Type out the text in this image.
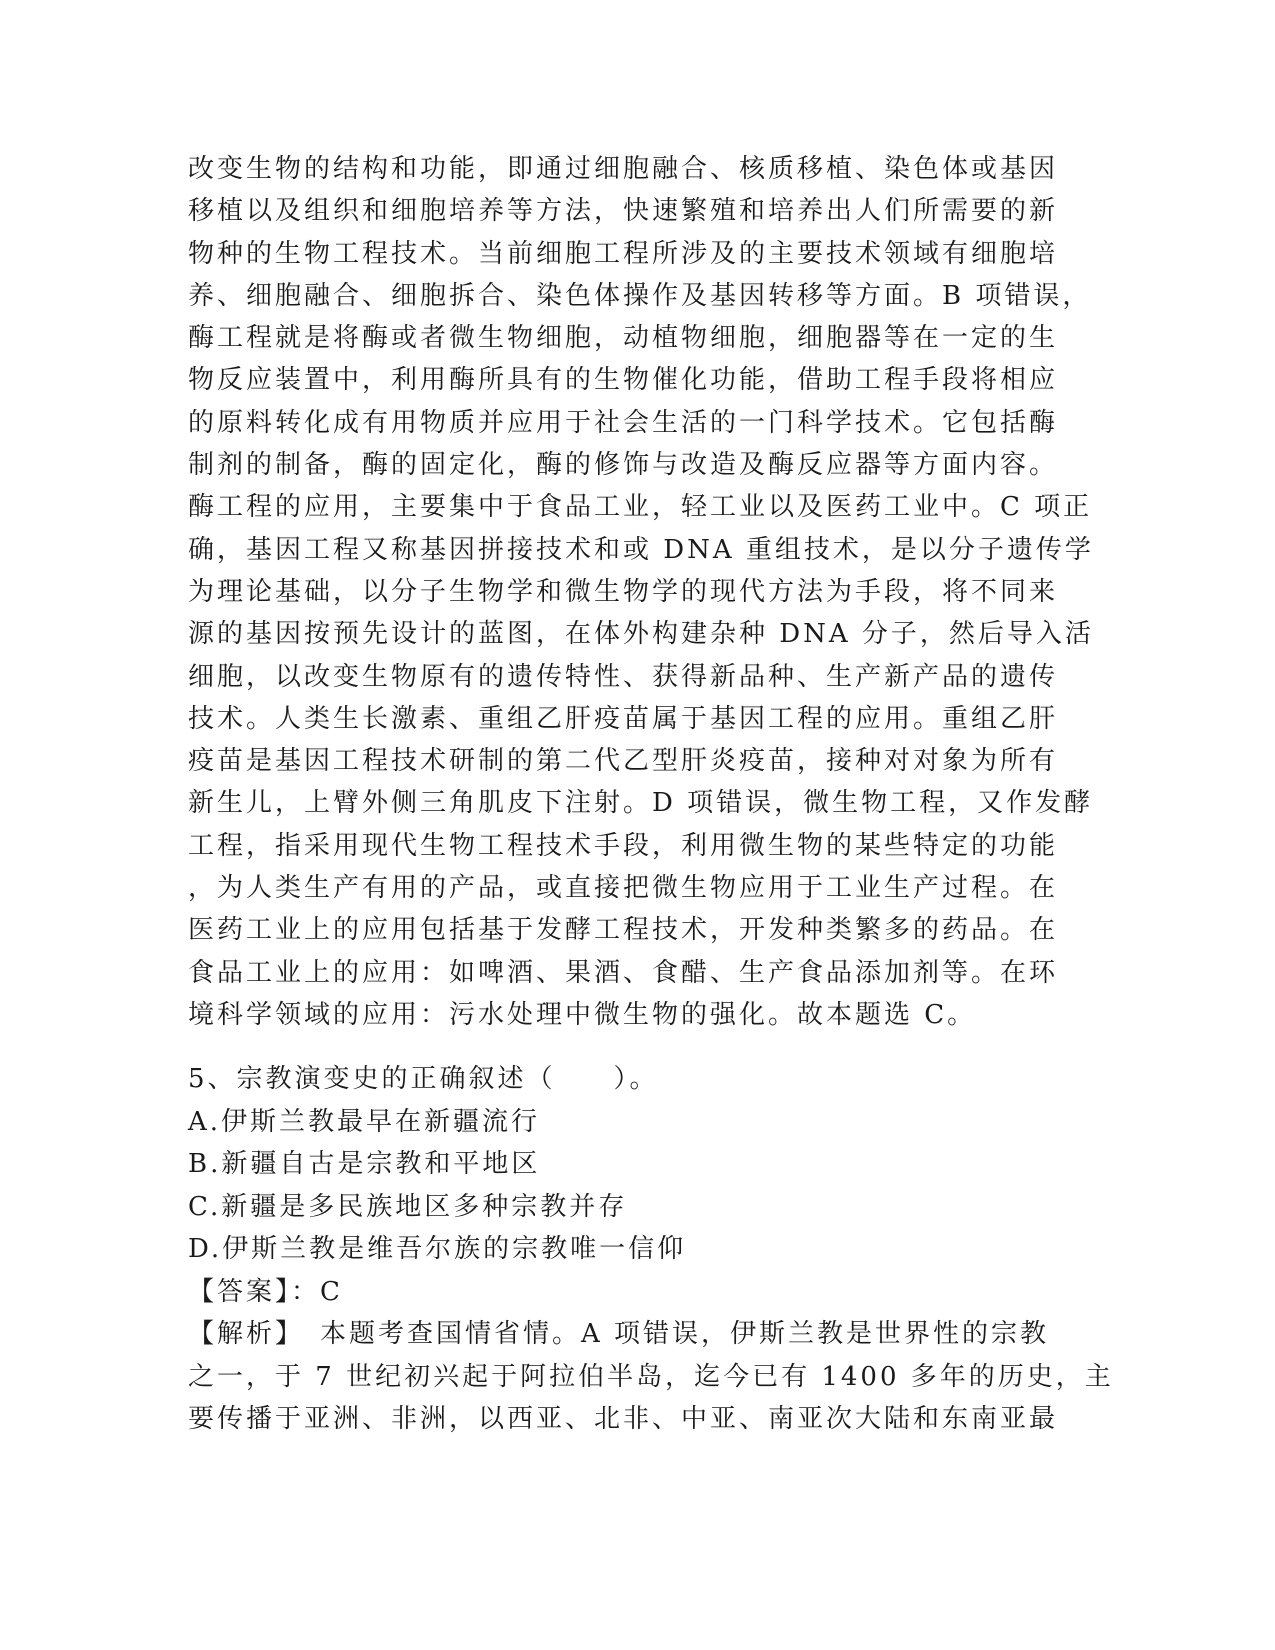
改变生物的结构和功能，即通过细胞融合、核质移植、染色体或基因
移植以及组织和细胞培养等方法，快速繁殖和培养出人们所需要的新
物种的生物工程技术。当前细胞工程所涉及的主要技术领域有细胞培
养、细胞融合、细胞拆合、染色体操作及基因转移等方面。B 项错误，
酶工程就是将酶或者微生物细胞，动植物细胞，细胞器等在一定的生
物反应装置中，利用酶所具有的生物催化功能，借助工程手段将相应
的原料转化成有用物质并应用于社会生活的一门科学技术。它包括酶
制剂的制备，酶的固定化，酶的修饰与改造及酶反应器等方面内容。
酶工程的应用，主要集中于食品工业，轻工业以及医药工业中。C 项正
确，基因工程又称基因拼接技术和或 DNA 重组技术，是以分子遗传学
为理论基础，以分子生物学和微生物学的现代方法为手段，将不同来
源的基因按预先设计的蓝图，在体外构建杂种 DNA 分子，然后导入活
细胞，以改变生物原有的遗传特性、获得新品种、生产新产品的遗传
技术。人类生长激素、重组乙肝疫苗属于基因工程的应用。重组乙肝
疫苗是基因工程技术研制的第二代乙型肝炎疫苗，接种对对象为所有
新生儿，上臂外侧三角肌皮下注射。D 项错误，微生物工程，又作发酵
工程，指采用现代生物工程技术手段，利用微生物的某些特定的功能
，为人类生产有用的产品，或直接把微生物应用于工业生产过程。在
医药工业上的应用包括基于发酵工程技术，开发种类繁多的药品。在
食品工业上的应用：如啤酒、果酒、食醋、生产食品添加剂等。在环
境科学领域的应用：污水处理中微生物的强化。故本题选 C。
5、宗教演变史的正确叙述（　　）。
A.伊斯兰教最早在新疆流行
B.新疆自古是宗教和平地区
C.新疆是多民族地区多种宗教并存
D.伊斯兰教是维吾尔族的宗教唯一信仰
【答案】：C
【解析】　本题考查国情省情。A 项错误，伊斯兰教是世界性的宗教
之一，于 7 世纪初兴起于阿拉伯半岛，迄今已有 1400 多年的历史，主
要传播于亚洲、非洲，以西亚、北非、中亚、南亚次大陆和东南亚最
